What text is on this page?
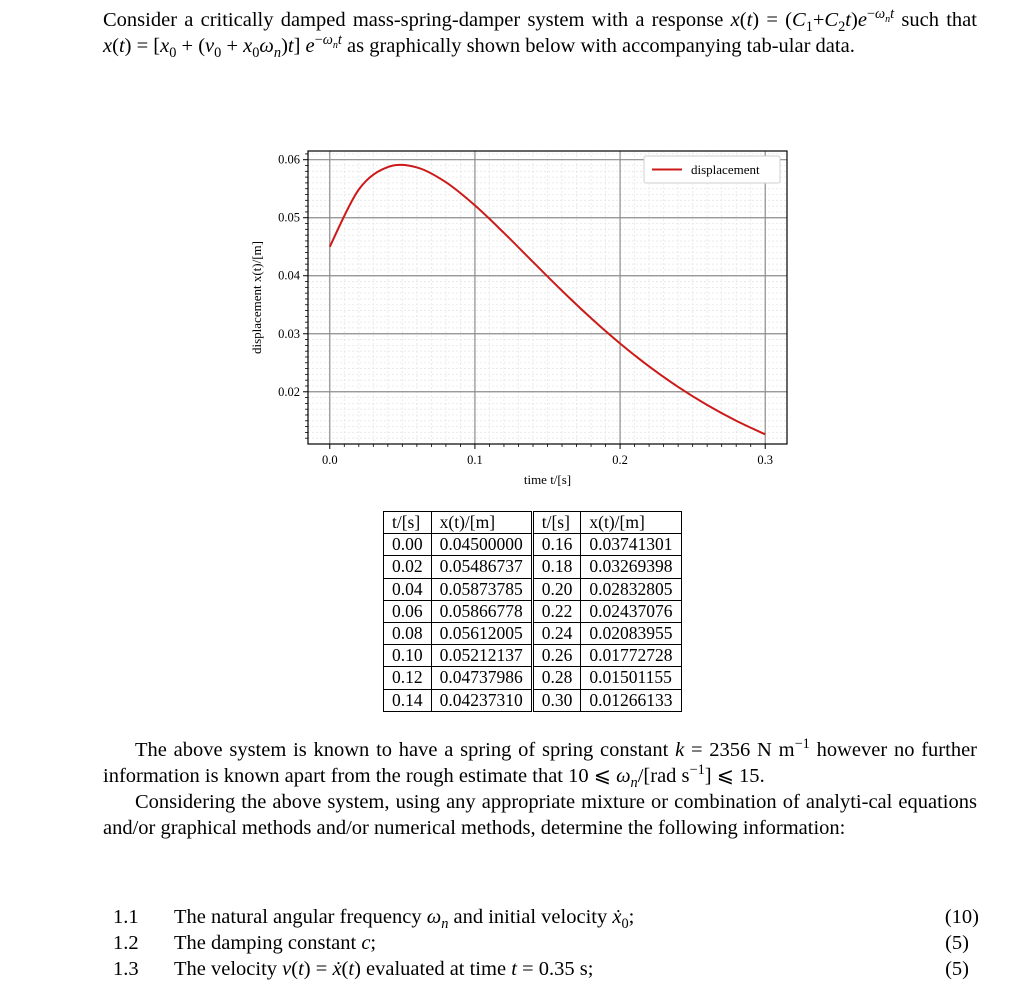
Consider a critically damped mass-spring-damper system with a response $x(t) = (C_1+C_2t)e^{-\omega_nt}$ such that $x(t) = [x_0 + (v_0 + x_0\omega_n)t]$ $e^{-\omega_nt}$ as graphically shown below with accompanying tab-ular data.
0.0	0.1	0.2	0.3
0.02
0.03
0.04
0.05
0.06
displacement
time t/[s]
displacement x(t)/[m]
t/[s]	x(t)/[m]	t/[s]	x(t)/[m]
0.00	0.04500000	0.16	0.03741301
0.02	0.05486737	0.18	0.03269398
0.04	0.05873785	0.20	0.02832805
0.06	0.05866778	0.22	0.02437076
0.08	0.05612005	0.24	0.02083955
0.10	0.05212137	0.26	0.01772728
0.12	0.04737986	0.28	0.01501155
0.14	0.04237310	0.30	0.01266133
The above system is known to have a spring of spring constant k = 2356 N $m^{-1}$ however no further information is known apart from the rough estimate that 10 ⩽ $\omega_n/[rad$ $s^{-1}$] ⩽ 15.
Considering the above system, using any appropriate mixture or combination of analyti-cal equations and/or graphical methods and/or numerical methods, determine the following information:
1.1 The natural angular frequency $\omega_n$ and initial velocity ẋ$_0$;	(10)
1.2 The damping constant c;	(5)
1.3 The velocity v(t) = ẋ(t) evaluated at time t = 0.35 s;	(5)
